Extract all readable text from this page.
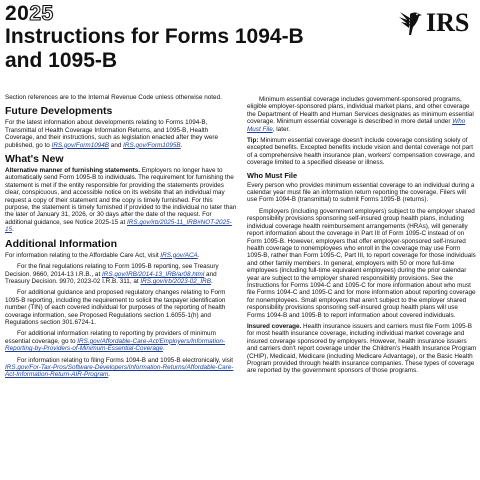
2025
Instructions for Forms 1094-B and 1095-B
IRS

Section references are to the Internal Revenue Code unless otherwise noted.

Future Developments

For the latest information about developments relating to Forms 1094-B, Transmittal of Health Coverage Information Returns, and 1095-B, Health Coverage, and their instructions, such as legislation enacted after they were published, go to IRS.gov/Form1094B and IRS.gov/Form1095B.

What's New

Alternative manner of furnishing statements. Employers no longer have to automatically send Form 1095-B to individuals. The requirement for furnishing the statement is met if the entity responsible for providing the statements provides clear, conspicuous, and accessible notice on its website that an individual may request a copy of their statement and the copy is timely furnished. For this purpose, the statement is timely furnished if provided to the individual no later than the later of January 31, 2026, or 30 days after the date of the request. For additional guidance, see Notice 2025-15 at IRS.gov/irb/2025-11_IRB#NOT-2025-15.

Additional Information

For information relating to the Affordable Care Act, visit IRS.gov/ACA.

For the final regulations relating to Form 1095-B reporting, see Treasury Decision. 9660, 2014-13 I.R.B., at IRS.gov/IRB/2014-13_IRB/ar08.html and Treasury Decision. 9970, 2023-02 I.R.B. 311, at IRS.gov/irb/2023-02_IRB.

For additional guidance and proposed regulatory changes relating to Form 1095-B reporting, including the requirement to solicit the taxpayer identification number (TIN) of each covered individual for purposes of the reporting of health coverage information, see Proposed Regulations section 1.6055-1(h) and Regulations section 301.6724-1.

For additional information relating to reporting by providers of minimum essential coverage, go to IRS.gov/Affordable-Care-Act/Employers/Information-Reporting-by-Providers-of-Minimum-Essential-Coverage.

For information relating to filing Forms 1094-B and 1095-B electronically, visit IRS.gov/For-Tax-Pros/Software-Developers/Information-Returns/Affordable-Care-Act-Information-Return-AIR-Program.

Minimum essential coverage includes government-sponsored programs, eligible employer-sponsored plans, individual market plans, and other coverage the Department of Health and Human Services designates as minimum essential coverage. Minimum essential coverage is described in more detail under Who Must File, later.

Tip: Minimum essential coverage doesn't include coverage consisting solely of excepted benefits. Excepted benefits include vision and dental coverage not part of a comprehensive health insurance plan, workers' compensation coverage, and coverage limited to a specified disease or illness.

Who Must File

Every person who provides minimum essential coverage to an individual during a calendar year must file an information return reporting the coverage. Filers will use Form 1094-B (transmittal) to submit Forms 1095-B (returns).

Employers (including government employers) subject to the employer shared responsibility provisions sponsoring self-insured group health plans, including individual coverage health reimbursement arrangements (HRAs), will generally report information about the coverage in Part III of Form 1095-C instead of on Form 1095-B. However, employers that offer employer-sponsored self-insured health coverage to nonemployees who enroll in the coverage may use Form 1095-B, rather than Form 1095-C, Part III, to report coverage for those individuals and other family members. In general, employers with 50 or more full-time employees (including full-time equivalent employees) during the prior calendar year are subject to the employer shared responsibility provisions. See the Instructions for Forms 1094-C and 1095-C for more information about who must file Forms 1094-C and 1095-C and for more information about reporting coverage for nonemployees. Small employers that aren't subject to the employer shared responsibility provisions sponsoring self-insured group health plans will use Forms 1094-B and 1095-B to report information about covered individuals.

Insured coverage. Health insurance issuers and carriers must file Form 1095-B for most health insurance coverage, including individual market coverage and insured coverage sponsored by employers. However, health insurance issuers and carriers don't report coverage under the Children's Health Insurance Program (CHIP), Medicaid, Medicare (including Medicare Advantage), or the Basic Health Program provided through health insurance companies. These types of coverage are reported by the government sponsors of those programs.
